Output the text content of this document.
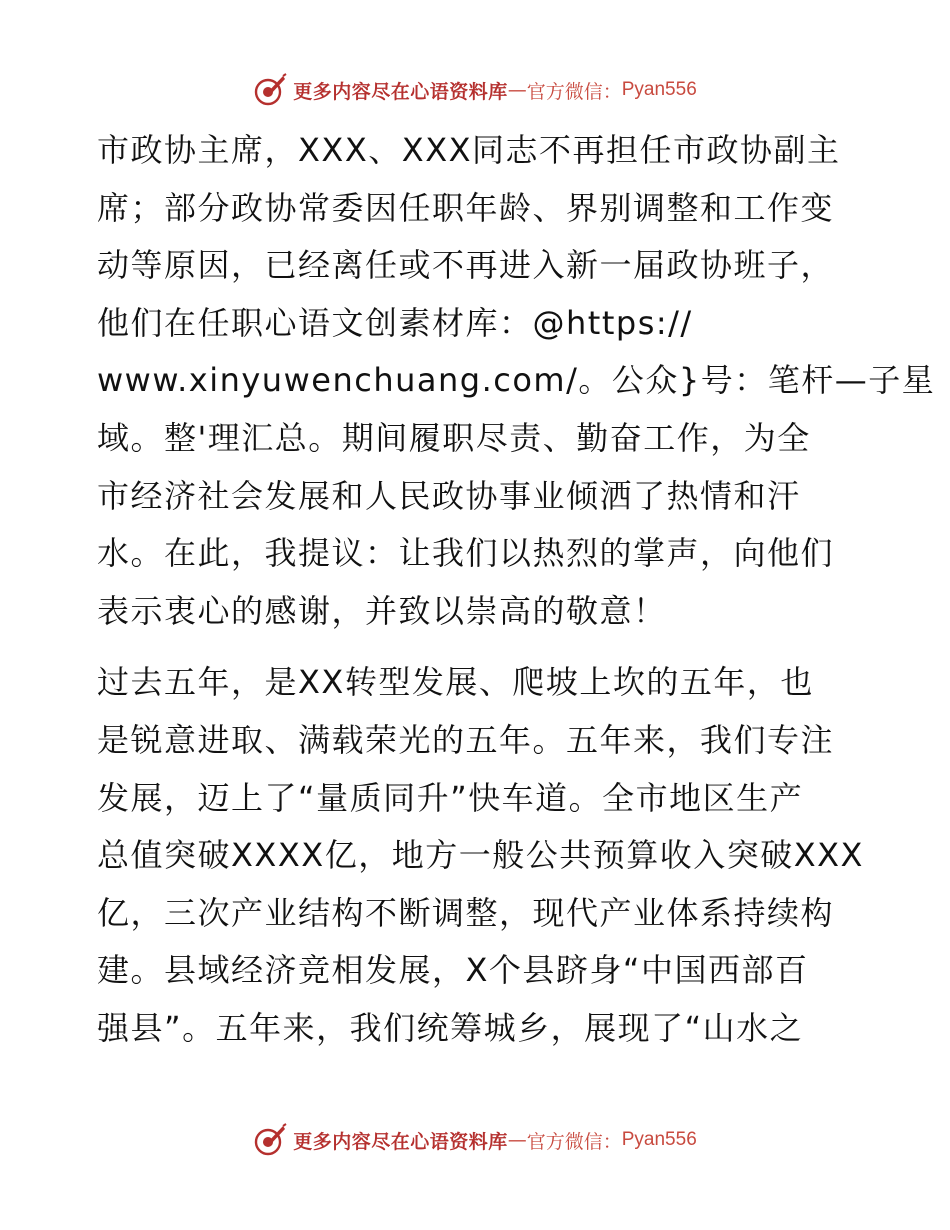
更多内容尽在心语资料库 — 官方微信： Pyan556

市政协主席，XXX、XXX同志不再担任市政协副主
席；部分政协常委因任职年龄、界别调整和工作变
动等原因，已经离任或不再进入新一届政协班子，
他们在任职心语文创素材库：@https://
www.xinyuwenchuang.com/。公众}号：笔杆—子星
域。整'理汇总。期间履职尽责、勤奋工作，为全
市经济社会发展和人民政协事业倾洒了热情和汗
水。在此，我提议：让我们以热烈的掌声，向他们
表示衷心的感谢，并致以崇高的敬意！

过去五年，是XX转型发展、爬坡上坎的五年，也
是锐意进取、满载荣光的五年。五年来，我们专注
发展，迈上了“量质同升”快车道。全市地区生产
总值突破XXXX亿，地方一般公共预算收入突破XXX
亿，三次产业结构不断调整，现代产业体系持续构
建。县域经济竞相发展，X个县跻身“中国西部百
强县”。五年来，我们统筹城乡，展现了“山水之

更多内容尽在心语资料库 — 官方微信： Pyan556
